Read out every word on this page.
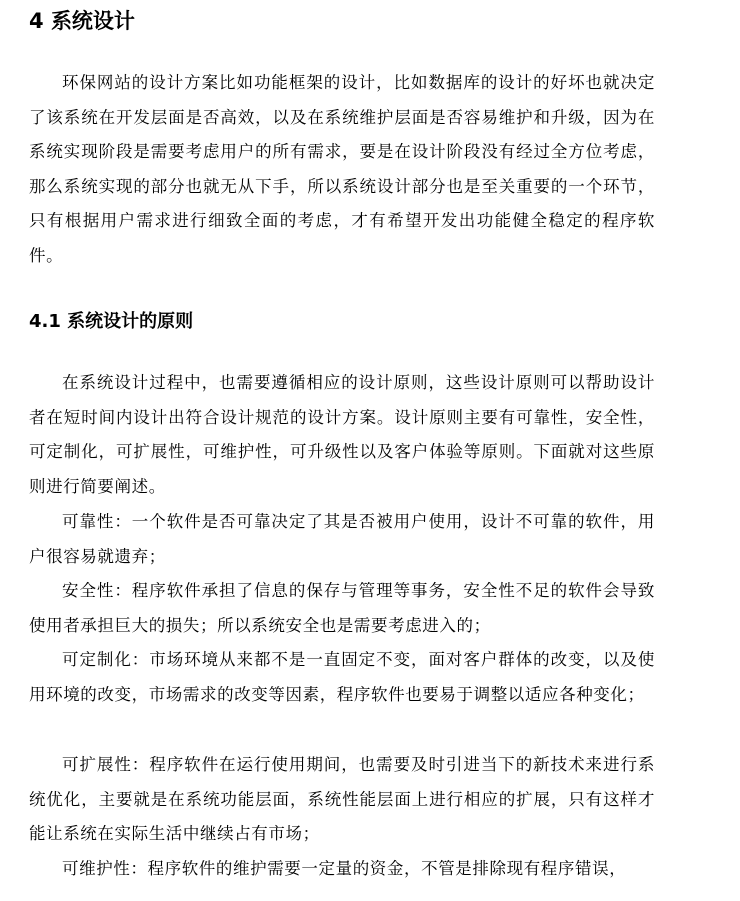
4 系统设计

环保网站的设计方案比如功能框架的设计，比如数据库的设计的好坏也就决定了该系统在开发层面是否高效，以及在系统维护层面是否容易维护和升级，因为在系统实现阶段是需要考虑用户的所有需求，要是在设计阶段没有经过全方位考虑，那么系统实现的部分也就无从下手，所以系统设计部分也是至关重要的一个环节，只有根据用户需求进行细致全面的考虑，才有希望开发出功能健全稳定的程序软件。

4.1 系统设计的原则

在系统设计过程中，也需要遵循相应的设计原则，这些设计原则可以帮助设计者在短时间内设计出符合设计规范的设计方案。设计原则主要有可靠性，安全性，可定制化，可扩展性，可维护性，可升级性以及客户体验等原则。下面就对这些原则进行简要阐述。

可靠性：一个软件是否可靠决定了其是否被用户使用，设计不可靠的软件，用户很容易就遗弃；

安全性：程序软件承担了信息的保存与管理等事务，安全性不足的软件会导致使用者承担巨大的损失；所以系统安全也是需要考虑进入的；

可定制化：市场环境从来都不是一直固定不变，面对客户群体的改变，以及使用环境的改变，市场需求的改变等因素，程序软件也要易于调整以适应各种变化；

可扩展性：程序软件在运行使用期间，也需要及时引进当下的新技术来进行系统优化，主要就是在系统功能层面，系统性能层面上进行相应的扩展，只有这样才能让系统在实际生活中继续占有市场；

可维护性：程序软件的维护需要一定量的资金，不管是排除现有程序错误，
